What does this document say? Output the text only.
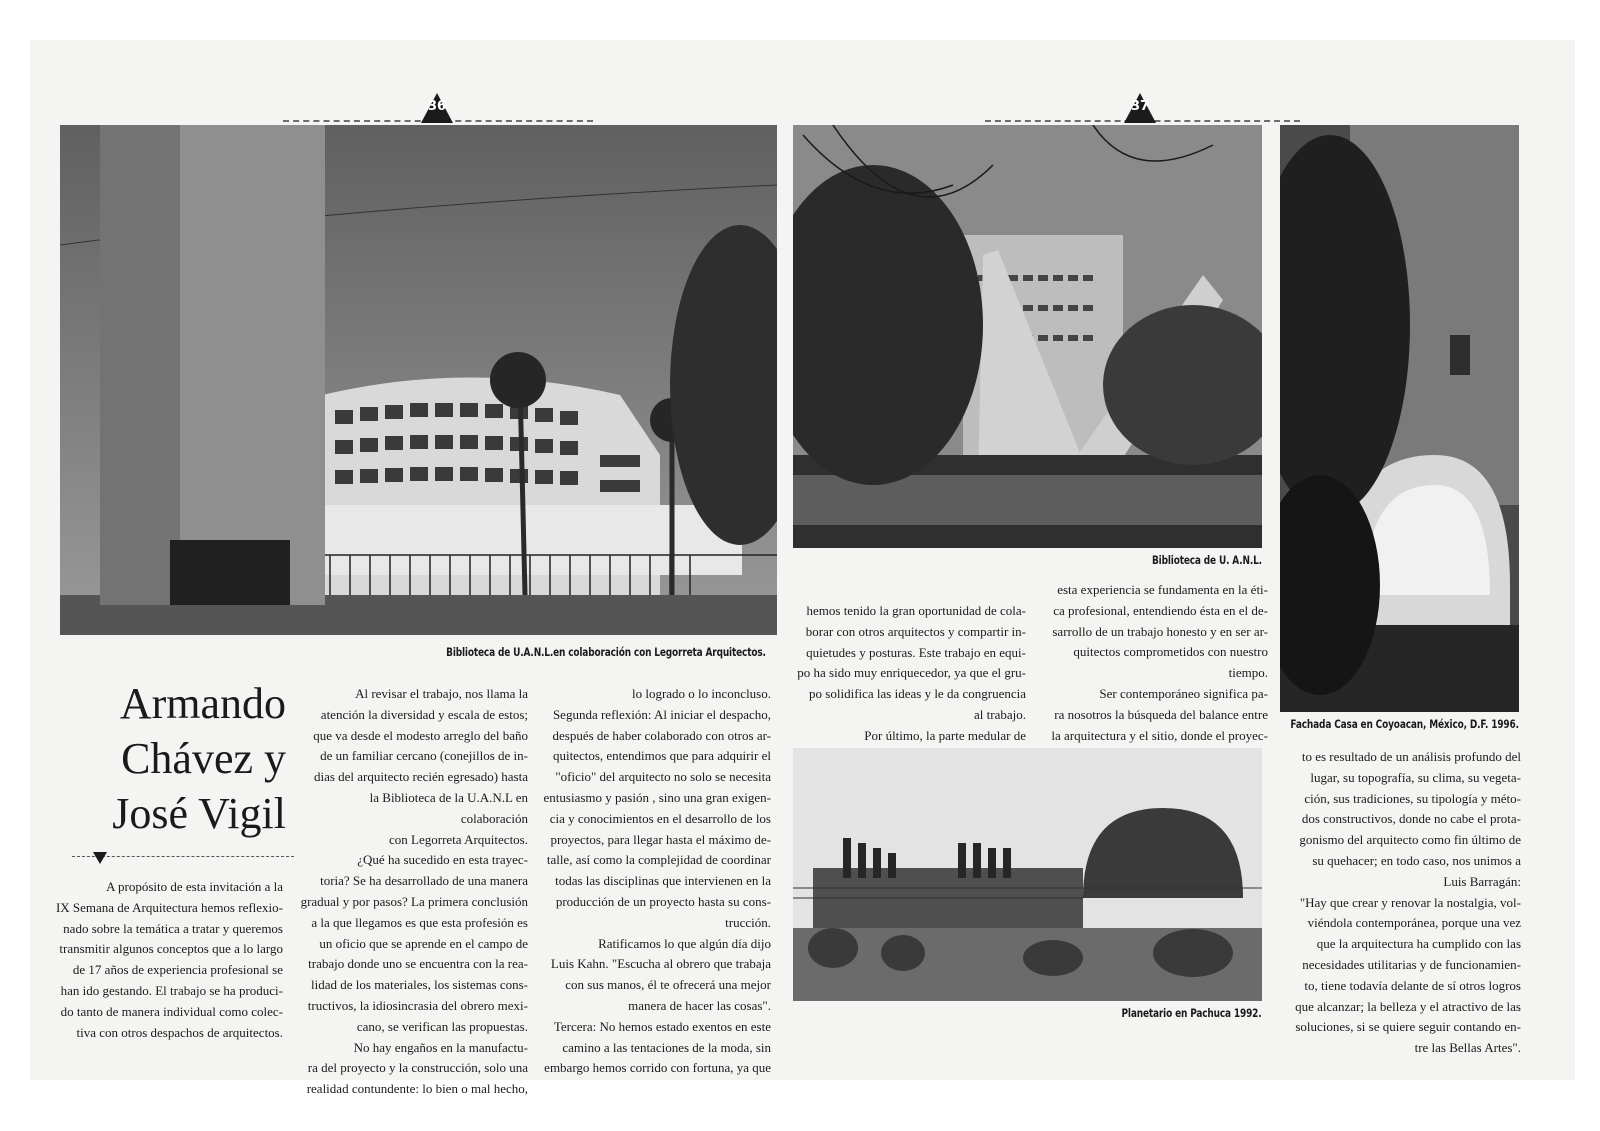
36	37
Biblioteca de U.A.N.L.en colaboración con Legorreta Arquitectos.
Biblioteca de U. A.N.L.
Fachada Casa en Coyoacan, México, D.F. 1996.
Planetario en Pachuca 1992.
Armando
Chávez y
José Vigil

A propósito de esta invitación a la

IX Semana de Arquitectura hemos reflexio-

nado sobre la temática a tratar y queremos

transmitir algunos conceptos que a lo largo

de 17 años de experiencia profesional se

han ido gestando. El trabajo se ha produci-

do tanto de manera individual como colec-

tiva con otros despachos de arquitectos.

Al revisar el trabajo, nos llama la

atención la diversidad y escala de estos;

que va desde el modesto arreglo del baño

de un familiar cercano (conejillos de in-

dias del arquitecto recién egresado) hasta

la Biblioteca de la U.A.N.L en colaboración

con Legorreta Arquitectos.

¿Qué ha sucedido en esta trayec-

toria? Se ha desarrollado de una manera

gradual y por pasos? La primera conclusión

a la que llegamos es que esta profesión es

un oficio que se aprende en el campo de

trabajo donde uno se encuentra con la rea-

lidad de los materiales, los sistemas cons-

tructivos, la idiosincrasia del obrero mexi-

cano, se verifican las propuestas.

No hay engaños en la manufactu-

ra del proyecto y la construcción, solo una

realidad contundente: lo bien o mal hecho,

lo logrado o lo inconcluso.

Segunda reflexión: Al iniciar el despacho,

después de haber colaborado con otros ar-

quitectos, entendimos que para adquirir el

"oficio" del arquitecto no solo se necesita

entusiasmo y pasión , sino una gran exigen-

cia y conocimientos en el desarrollo de los

proyectos, para llegar hasta el máximo de-

talle, así como la complejidad de coordinar

todas las disciplinas que intervienen en la

producción de un proyecto hasta su cons-

trucción.

Ratificamos lo que algún día dijo

Luis Kahn. "Escucha al obrero que trabaja

con sus manos, él te ofrecerá una mejor

manera de hacer las cosas".

Tercera: No hemos estado exentos en este

camino a las tentaciones de la moda, sin

embargo hemos corrido con fortuna, ya que

hemos tenido la gran oportunidad de cola-

borar con otros arquitectos y compartir in-

quietudes y posturas. Este trabajo en equi-

po ha sido muy enriquecedor, ya que el gru-

po solidifica las ideas y le da congruencia

al trabajo.

Por último, la parte medular de

esta experiencia se fundamenta en la éti-

ca profesional, entendiendo ésta en el de-

sarrollo de un trabajo honesto y en ser ar-

quitectos comprometidos con nuestro

tiempo.

Ser contemporáneo significa pa-

ra nosotros la búsqueda del balance entre

la arquitectura y el sitio, donde el proyec-

to es resultado de un análisis profundo del

lugar, su topografía, su clima, su vegeta-

ción, sus tradiciones, su tipología y méto-

dos constructivos, donde no cabe el prota-

gonismo del arquitecto como fin último de

su quehacer; en todo caso, nos unimos a

Luis Barragán:

"Hay que crear y renovar la nostalgia, vol-

viéndola contemporánea, porque una vez

que la arquitectura ha cumplido con las

necesidades utilitarias y de funcionamien-

to, tiene todavía delante de sí otros logros

que alcanzar; la belleza y el atractivo de las

soluciones, si se quiere seguir contando en-

tre las Bellas Artes".
